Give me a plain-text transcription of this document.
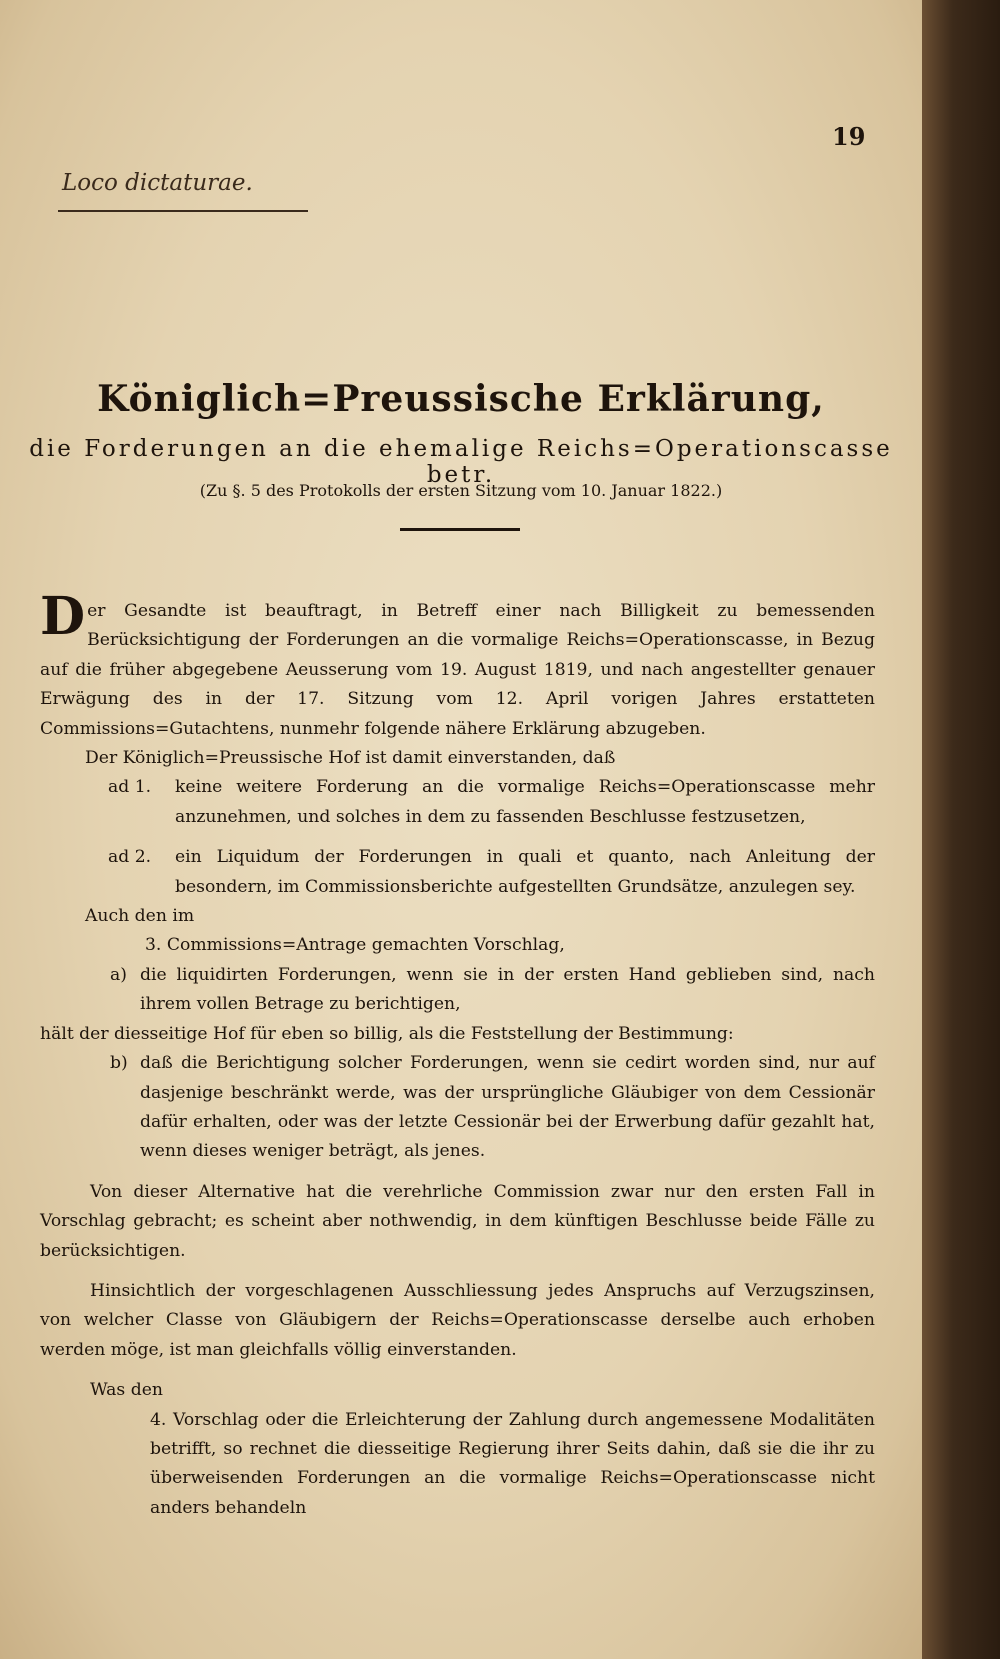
19
Loco dictaturae.
Königlich=Preussische Erklärung,
die Forderungen an die ehemalige Reichs=Operationscasse betr.
(Zu §. 5 des Protokolls der ersten Sitzung vom 10. Januar 1822.)

Der Gesandte ist beauftragt, in Betreff einer nach Billigkeit zu bemessenden Berücksichtigung der Forderungen an die vormalige Reichs=Operationscasse, in Bezug auf die früher abgegebene Aeusserung vom 19. August 1819, und nach angestellter genauer Erwägung des in der 17. Sitzung vom 12. April vorigen Jahres erstatteten Commissions=Gutachtens, nunmehr folgende nähere Erklärung abzugeben.

Der Königlich=Preussische Hof ist damit einverstanden, daß

ad 1. keine weitere Forderung an die vormalige Reichs=Operationscasse mehr anzunehmen, und solches in dem zu fassenden Beschlusse festzusetzen,

ad 2. ein Liquidum der Forderungen in quali et quanto, nach Anleitung der besondern, im Commissionsberichte aufgestellten Grundsätze, anzulegen sey.

Auch den im

3. Commissions=Antrage gemachten Vorschlag,

a) die liquidirten Forderungen, wenn sie in der ersten Hand geblieben sind, nach ihrem vollen Betrage zu berichtigen,

hält der diesseitige Hof für eben so billig, als die Feststellung der Bestimmung:

b) daß die Berichtigung solcher Forderungen, wenn sie cedirt worden sind, nur auf dasjenige beschränkt werde, was der ursprüngliche Gläubiger von dem Cessionär dafür erhalten, oder was der letzte Cessionär bei der Erwerbung dafür gezahlt hat, wenn dieses weniger beträgt, als jenes.

Von dieser Alternative hat die verehrliche Commission zwar nur den ersten Fall in Vorschlag gebracht; es scheint aber nothwendig, in dem künftigen Beschlusse beide Fälle zu berücksichtigen.

Hinsichtlich der vorgeschlagenen Ausschliessung jedes Anspruchs auf Verzugszinsen, von welcher Classe von Gläubigern der Reichs=Operationscasse derselbe auch erhoben werden möge, ist man gleichfalls völlig einverstanden.

Was den

4. Vorschlag oder die Erleichterung der Zahlung durch angemessene Modalitäten betrifft, so rechnet die diesseitige Regierung ihrer Seits dahin, daß sie die ihr zu überweisenden Forderungen an die vormalige Reichs=Operationscasse nicht anders behandeln
